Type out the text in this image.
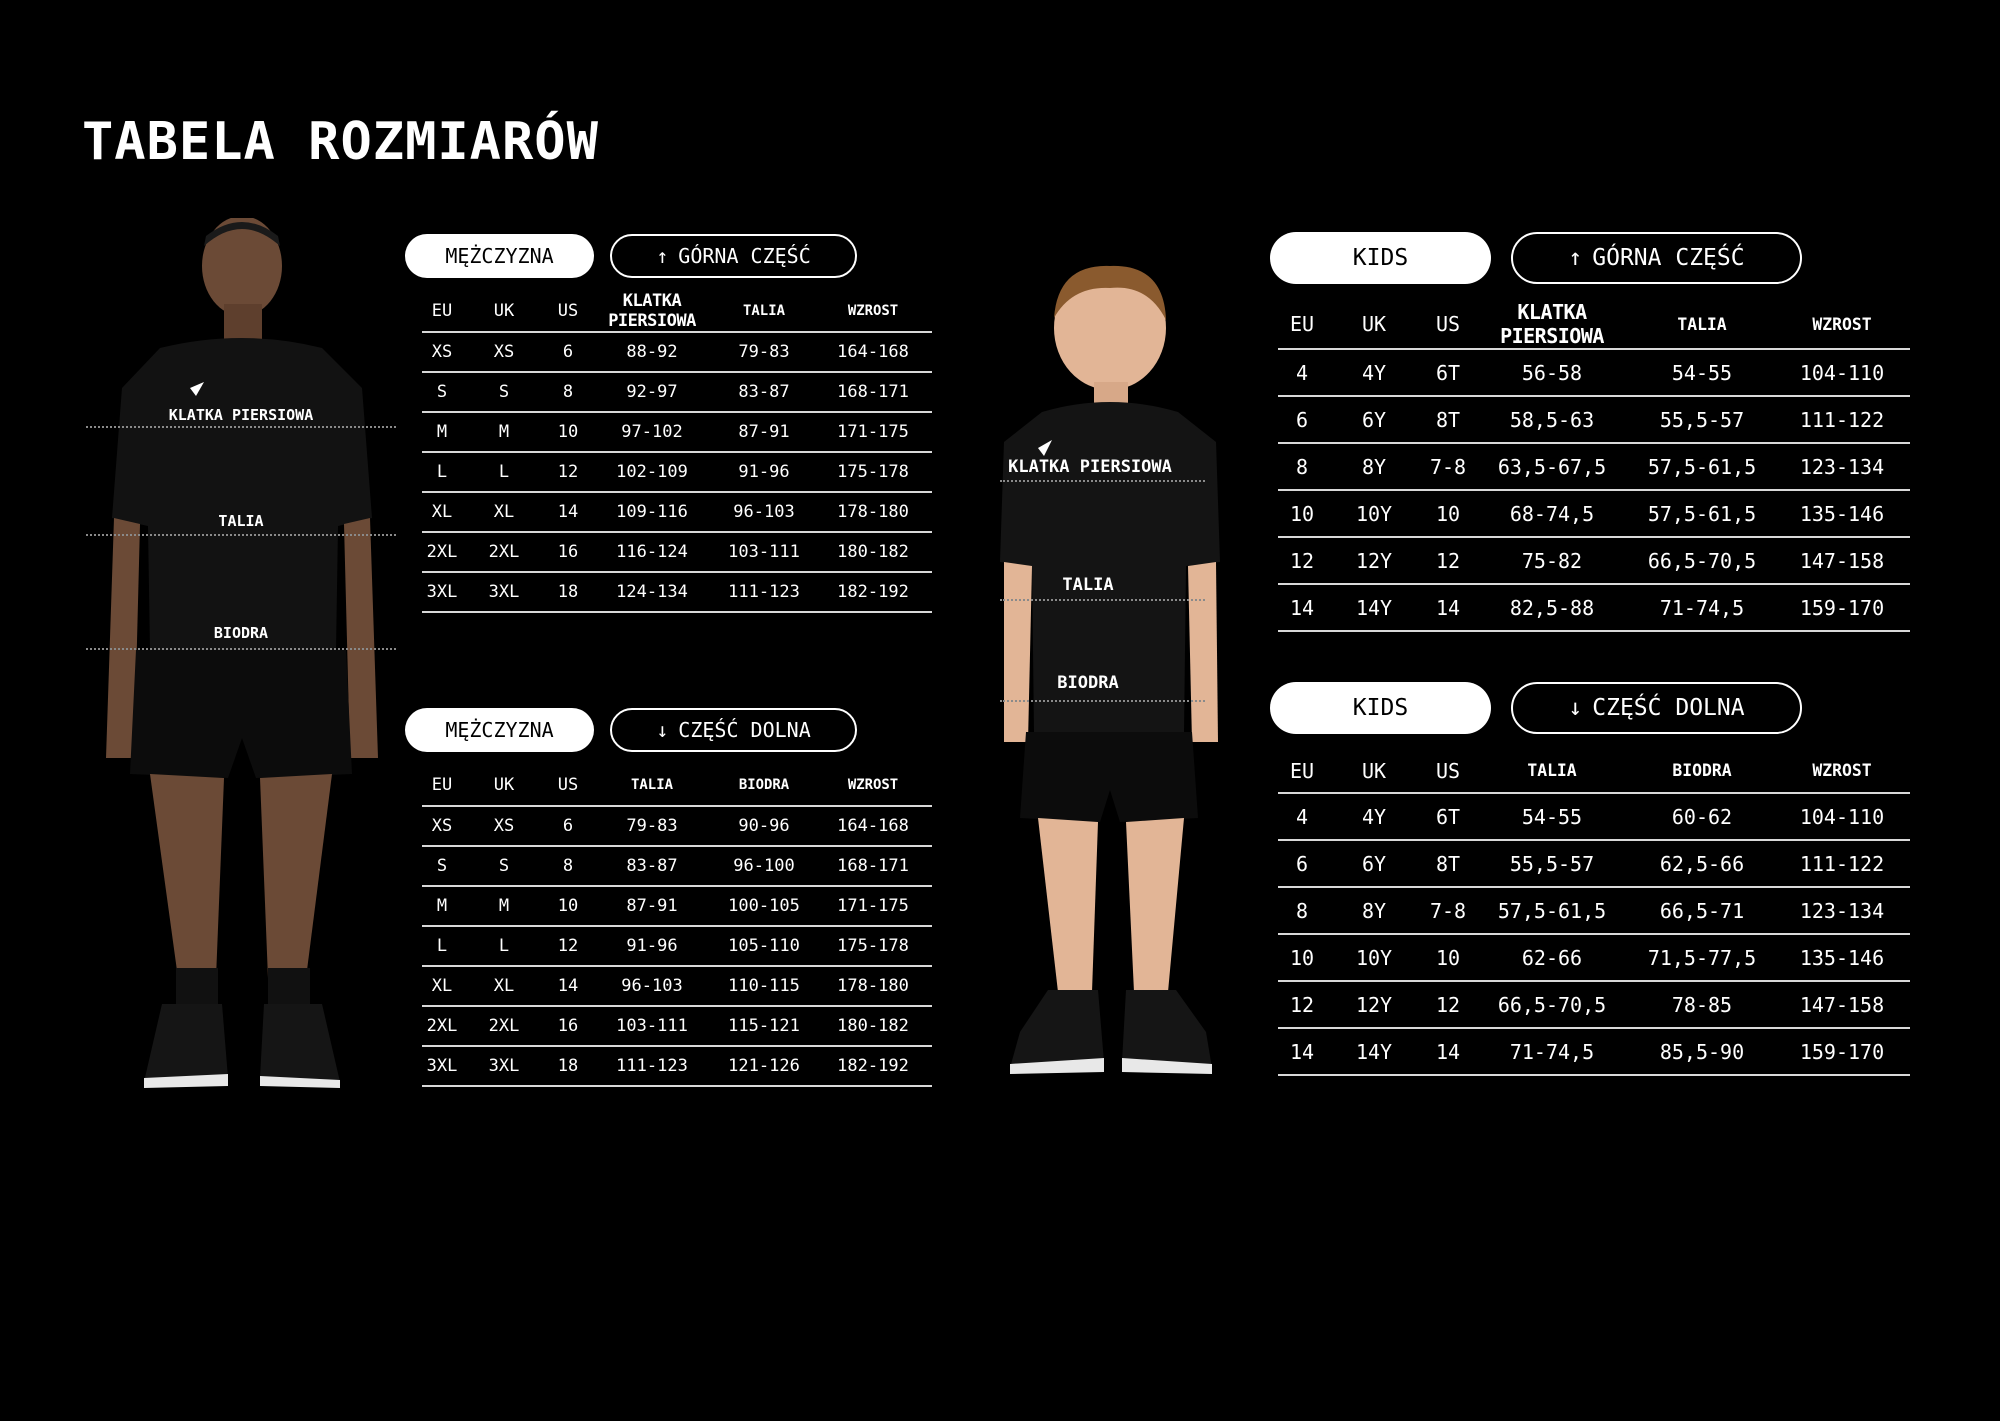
TABELA ROZMIARÓW
KLATKA PIERSIOWA
TALIA
BIODRA
MĘŻCZYZNA	↑ GÓRNA CZĘŚĆ
EU	UK	US	KLATKA PIERSIOWA	TALIA	WZROST
XS	XS	6	88-92	79-83	164-168
S	S	8	92-97	83-87	168-171
M	M	10	97-102	87-91	171-175
L	L	12	102-109	91-96	175-178
XL	XL	14	109-116	96-103	178-180
2XL	2XL	16	116-124	103-111	180-182
3XL	3XL	18	124-134	111-123	182-192
MĘŻCZYZNA	↓ CZĘŚĆ DOLNA
EU	UK	US	TALIA	BIODRA	WZROST
XS	XS	6	79-83	90-96	164-168
S	S	8	83-87	96-100	168-171
M	M	10	87-91	100-105	171-175
L	L	12	91-96	105-110	175-178
XL	XL	14	96-103	110-115	178-180
2XL	2XL	16	103-111	115-121	180-182
3XL	3XL	18	111-123	121-126	182-192
KLATKA PIERSIOWA
TALIA
BIODRA
KIDS	↑ GÓRNA CZĘŚĆ
EU	UK	US	KLATKA PIERSIOWA	TALIA	WZROST
4	4Y	6T	56-58	54-55	104-110
6	6Y	8T	58,5-63	55,5-57	111-122
8	8Y	7-8	63,5-67,5	57,5-61,5	123-134
10	10Y	10	68-74,5	57,5-61,5	135-146
12	12Y	12	75-82	66,5-70,5	147-158
14	14Y	14	82,5-88	71-74,5	159-170
KIDS	↓ CZĘŚĆ DOLNA
EU	UK	US	TALIA	BIODRA	WZROST
4	4Y	6T	54-55	60-62	104-110
6	6Y	8T	55,5-57	62,5-66	111-122
8	8Y	7-8	57,5-61,5	66,5-71	123-134
10	10Y	10	62-66	71,5-77,5	135-146
12	12Y	12	66,5-70,5	78-85	147-158
14	14Y	14	71-74,5	85,5-90	159-170
